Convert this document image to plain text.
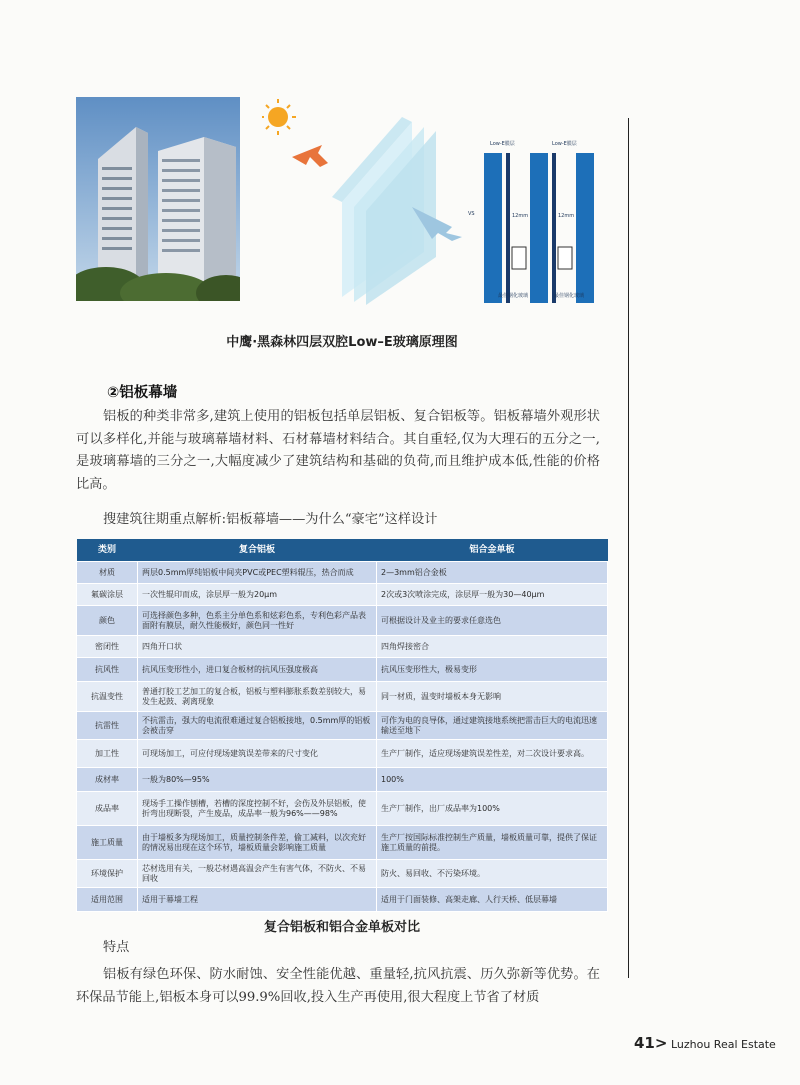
Low-E膜层	Low-E膜层
12mm	12mm
VS
最佳钢化玻璃	最佳钢化玻璃
中鹰·黑森林四层双腔Low–E玻璃原理图
②铝板幕墙
铝板的种类非常多,建筑上使用的铝板包括单层铝板、复合铝板等。铝板幕墙外观形状可以多样化,并能与玻璃幕墙材料、石材幕墙材料结合。其自重轻,仅为大理石的五分之一,是玻璃幕墙的三分之一,大幅度减少了建筑结构和基础的负荷,而且维护成本低,性能的价格比高。
搜建筑往期重点解析:铝板幕墙——为什么“豪宅”这样设计
类别	复合铝板	铝合金单板
材质	两层0.5mm厚纯铝板中间夹PVC或PEC塑料辊压，热合而成	2—3mm铝合金板
氟碳涂层	一次性辊印而成，涂层厚一般为20μm	2次或3次喷涂完成，涂层厚一般为30—40μm
颜色	可选择颜色多种，色系主分单色系和炫彩色系，专利色彩产品表面附有膜层，耐久性能极好，颜色同一性好	可根据设计及业主的要求任意选色
密闭性	四角开口状	四角焊接密合
抗风性	抗风压变形性小，进口复合板材的抗风压强度极高	抗风压变形性大，极易变形
抗温变性	普通打胶工艺加工的复合板，铝板与塑料膨胀系数差别较大，易发生起鼓、剥离现象	同一材质，温变时墙板本身无影响
抗雷性	不抗雷击，强大的电流很难通过复合铝板接地，0.5mm厚的铝板会被击穿	可作为电的良导体，通过建筑接地系统把雷击巨大的电流迅速输送至地下
加工性	可现场加工，可应付现场建筑误差带来的尺寸变化	生产厂制作，适应现场建筑误差性差，对二次设计要求高。
成材率	一般为80%—95%	100%
成品率	现场手工操作刨槽，若槽的深度控制不好，会伤及外层铝板，使折弯出现断裂，产生废品，成品率一般为96%——98%	生产厂制作，出厂成品率为100%
施工质量	由于墙板多为现场加工，质量控制条件差，偷工减料，以次充好的情况易出现在这个环节，墙板质量会影响施工质量	生产厂按国际标准控制生产质量，墙板质量可靠，提供了保证施工质量的前提。
环境保护	芯材选用有关，一般芯材遇高温会产生有害气体，不防火、不易回收	防火、易回收、不污染环境。
适用范围	适用于幕墙工程	适用于门面装修、高架走廊、人行天桥、低层幕墙
复合铝板和铝合金单板对比
特点
铝板有绿色环保、防水耐蚀、安全性能优越、重量轻,抗风抗震、历久弥新等优势。在环保品节能上,铝板本身可以99.9%回收,投入生产再使用,很大程度上节省了材质
41> Luzhou Real Estate
